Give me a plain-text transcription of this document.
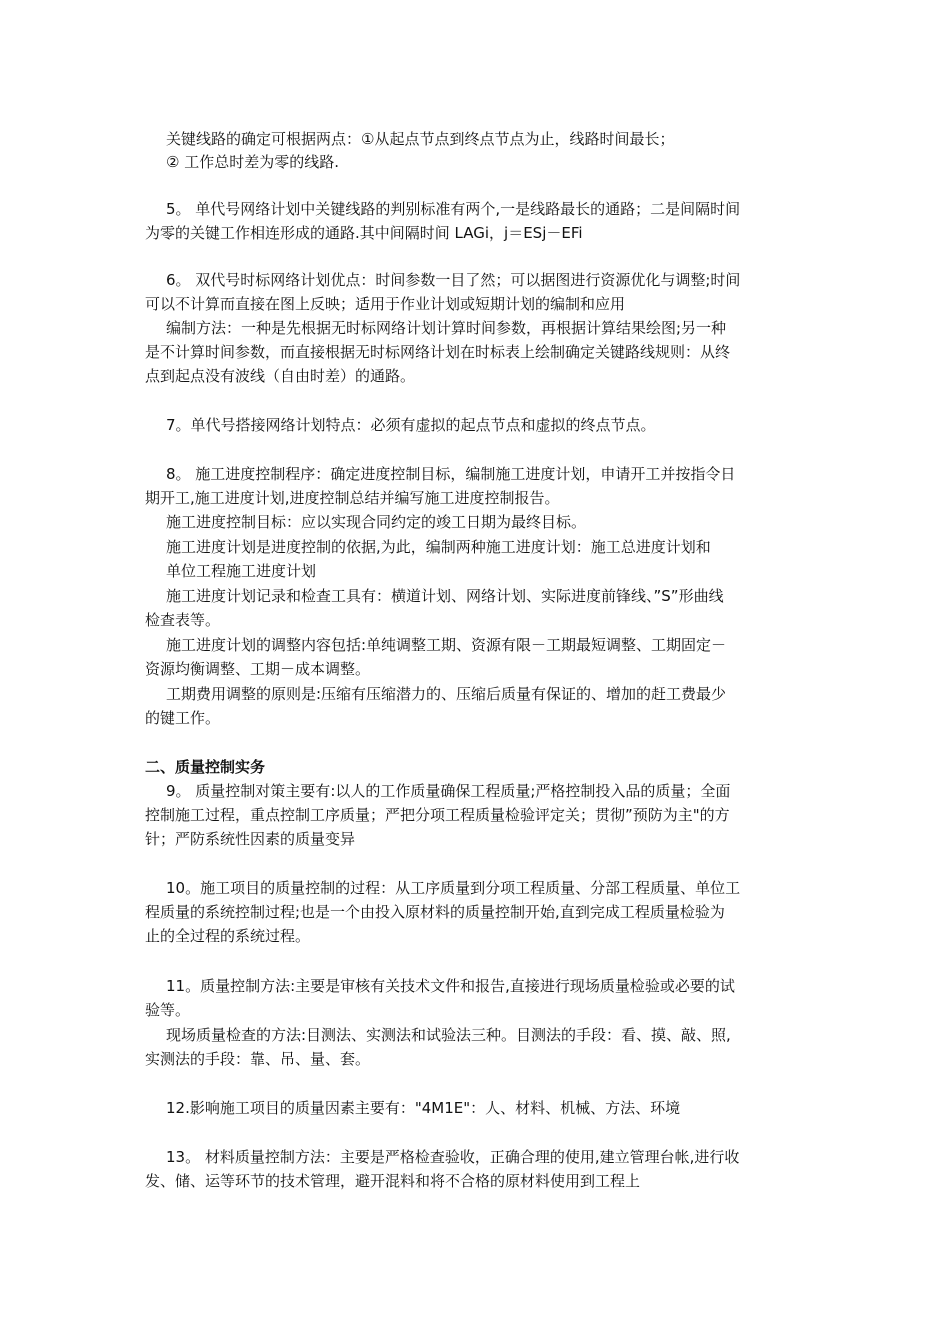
关键线路的确定可根据两点：①从起点节点到终点节点为止，线路时间最长；
② 工作总时差为零的线路.
5。 单代号网络计划中关键线路的判别标准有两个,一是线路最长的通路；二是间隔时间
为零的关键工作相连形成的通路.其中间隔时间 LAGi，j＝ESj－EFi
6。 双代号时标网络计划优点：时间参数一目了然；可以据图进行资源优化与调整;时间
可以不计算而直接在图上反映；适用于作业计划或短期计划的编制和应用
编制方法：一种是先根据无时标网络计划计算时间参数，再根据计算结果绘图;另一种
是不计算时间参数，而直接根据无时标网络计划在时标表上绘制确定关键路线规则：从终
点到起点没有波线（自由时差）的通路。
7。单代号搭接网络计划特点：必须有虚拟的起点节点和虚拟的终点节点。
8。 施工进度控制程序：确定进度控制目标，编制施工进度计划，申请开工并按指令日
期开工,施工进度计划,进度控制总结并编写施工进度控制报告。
施工进度控制目标：应以实现合同约定的竣工日期为最终目标。
施工进度计划是进度控制的依据,为此，编制两种施工进度计划：施工总进度计划和
单位工程施工进度计划
施工进度计划记录和检查工具有：横道计划、网络计划、实际进度前锋线、”S”形曲线
检查表等。
施工进度计划的调整内容包括:单纯调整工期、资源有限－工期最短调整、工期固定－
资源均衡调整、工期－成本调整。
工期费用调整的原则是:压缩有压缩潜力的、压缩后质量有保证的、增加的赶工费最少
的键工作。
二、质量控制实务
9。 质量控制对策主要有:以人的工作质量确保工程质量;严格控制投入品的质量；全面
控制施工过程，重点控制工序质量；严把分项工程质量检验评定关；贯彻”预防为主"的方
针；严防系统性因素的质量变异
10。施工项目的质量控制的过程：从工序质量到分项工程质量、分部工程质量、单位工
程质量的系统控制过程;也是一个由投入原材料的质量控制开始,直到完成工程质量检验为
止的全过程的系统过程。
11。质量控制方法:主要是审核有关技术文件和报告,直接进行现场质量检验或必要的试
验等。
现场质量检查的方法:目测法、实测法和试验法三种。目测法的手段：看、摸、敲、照,
实测法的手段：靠、吊、量、套。
12.影响施工项目的质量因素主要有："4M1E"：人、材料、机械、方法、环境
13。 材料质量控制方法：主要是严格检查验收，正确合理的使用,建立管理台帐,进行收
发、储、运等环节的技术管理，避开混料和将不合格的原材料使用到工程上
